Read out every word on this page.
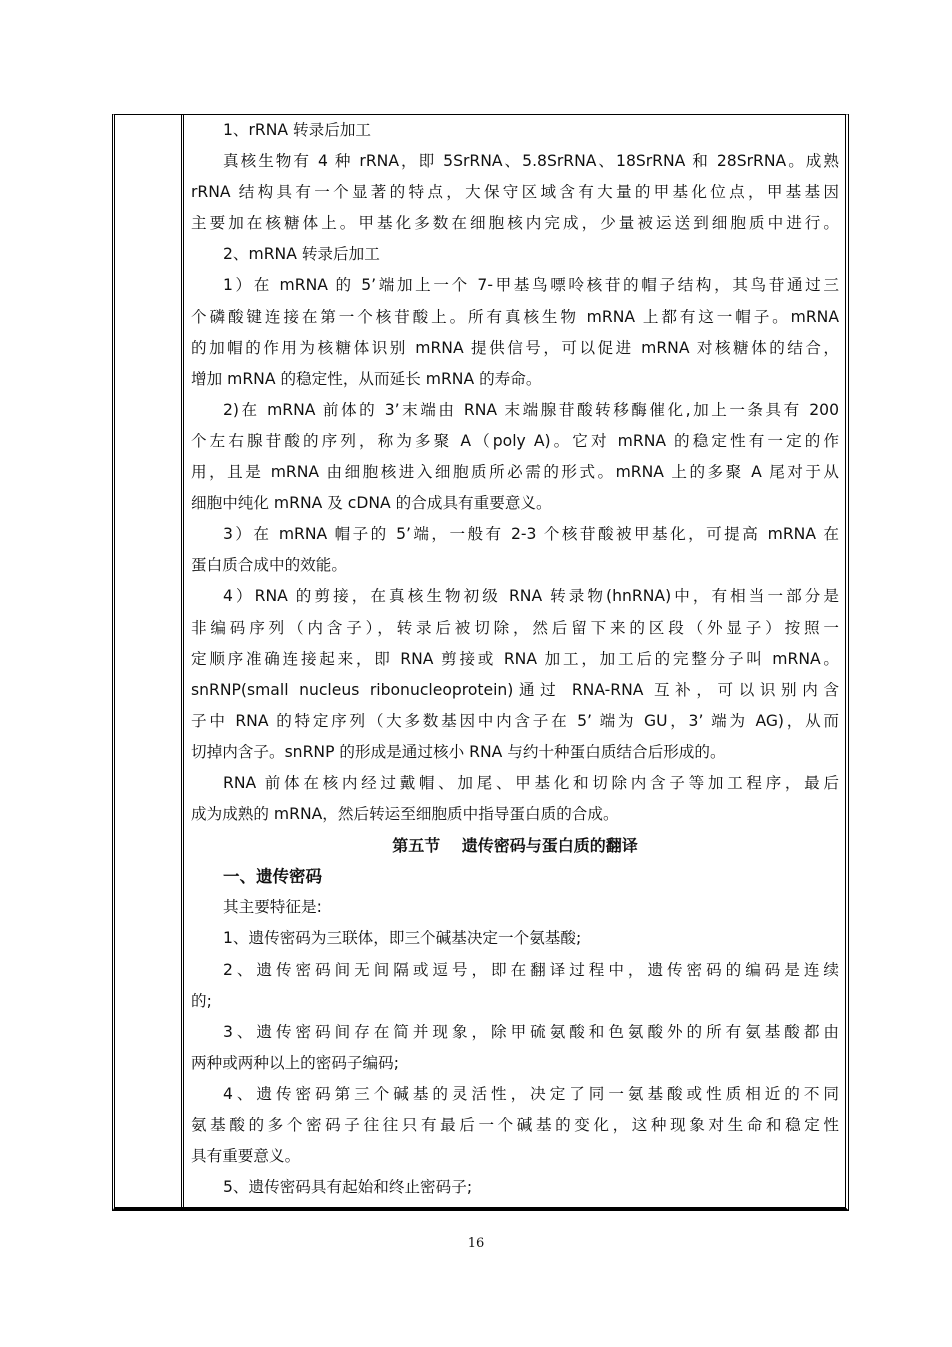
1、rRNA 转录后加工
真核生物有 4 种 rRNA，即 5SrRNA、5.8SrRNA、18SrRNA 和 28SrRNA。成熟
rRNA 结构具有一个显著的特点，大保守区域含有大量的甲基化位点，甲基基因
主要加在核糖体上。甲基化多数在细胞核内完成，少量被运送到细胞质中进行。
2、mRNA 转录后加工
1）在 mRNA 的 5’端加上一个 7-甲基鸟嘌呤核苷的帽子结构，其鸟苷通过三
个磷酸键连接在第一个核苷酸上。所有真核生物 mRNA 上都有这一帽子。mRNA
的加帽的作用为核糖体识别 mRNA 提供信号，可以促进 mRNA 对核糖体的结合，
增加 mRNA 的稳定性，从而延长 mRNA 的寿命。
2)在 mRNA 前体的 3’末端由 RNA 末端腺苷酸转移酶催化,加上一条具有 200
个左右腺苷酸的序列，称为多聚 A（poly A)。它对 mRNA 的稳定性有一定的作
用，且是 mRNA 由细胞核进入细胞质所必需的形式。mRNA 上的多聚 A 尾对于从
细胞中纯化 mRNA 及 cDNA 的合成具有重要意义。
3）在 mRNA 帽子的 5’端，一般有 2-3 个核苷酸被甲基化，可提高 mRNA 在
蛋白质合成中的效能。
4）RNA 的剪接，在真核生物初级 RNA 转录物(hnRNA)中，有相当一部分是
非编码序列（内含子），转录后被切除，然后留下来的区段（外显子）按照一
定顺序准确连接起来，即 RNA 剪接或 RNA 加工，加工后的完整分子叫 mRNA。
snRNP(small nucleus ribonucleoprotein)通过 RNA-RNA 互补，可以识别内含
子中 RNA 的特定序列（大多数基因中内含子在 5’ 端为 GU，3’ 端为 AG)，从而
切掉内含子。snRNP 的形成是通过核小 RNA 与约十种蛋白质结合后形成的。
RNA 前体在核内经过戴帽、加尾、甲基化和切除内含子等加工程序，最后
成为成熟的 mRNA，然后转运至细胞质中指导蛋白质的合成。
第五节　 遗传密码与蛋白质的翻译
一、遗传密码
其主要特征是:
1、遗传密码为三联体，即三个碱基决定一个氨基酸;
2、遗传密码间无间隔或逗号，即在翻译过程中，遗传密码的编码是连续
的;
3、遗传密码间存在简并现象，除甲硫氨酸和色氨酸外的所有氨基酸都由
两种或两种以上的密码子编码;
4、遗传密码第三个碱基的灵活性，决定了同一氨基酸或性质相近的不同
氨基酸的多个密码子往往只有最后一个碱基的变化，这种现象对生命和稳定性
具有重要意义。
5、遗传密码具有起始和终止密码子;
16
